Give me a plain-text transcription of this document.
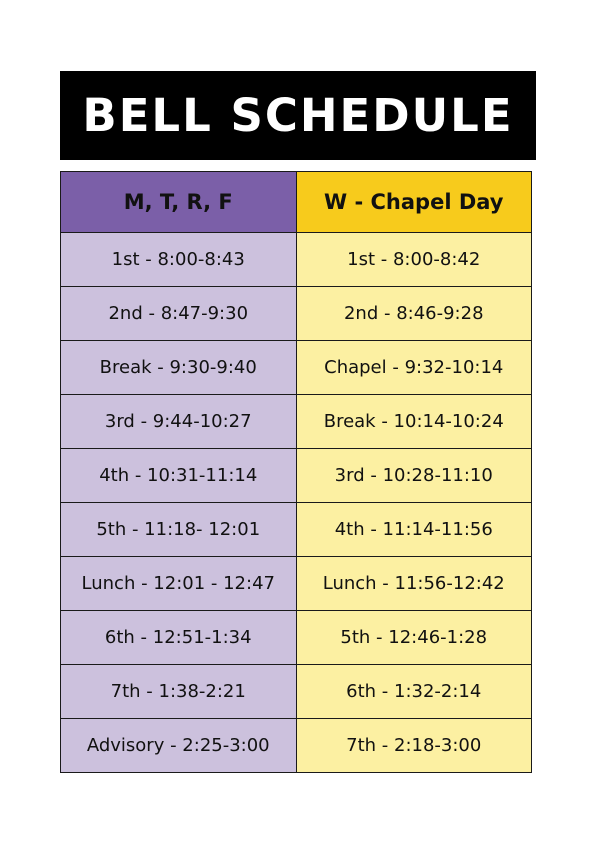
BELL SCHEDULE
M, T, R, F	W - Chapel Day
1st - 8:00-8:43	1st - 8:00-8:42
2nd - 8:47-9:30	2nd - 8:46-9:28
Break - 9:30-9:40	Chapel - 9:32-10:14
3rd - 9:44-10:27	Break - 10:14-10:24
4th - 10:31-11:14	3rd - 10:28-11:10
5th - 11:18- 12:01	4th - 11:14-11:56
Lunch - 12:01 - 12:47	Lunch - 11:56-12:42
6th - 12:51-1:34	5th - 12:46-1:28
7th - 1:38-2:21	6th - 1:32-2:14
Advisory - 2:25-3:00	7th - 2:18-3:00
